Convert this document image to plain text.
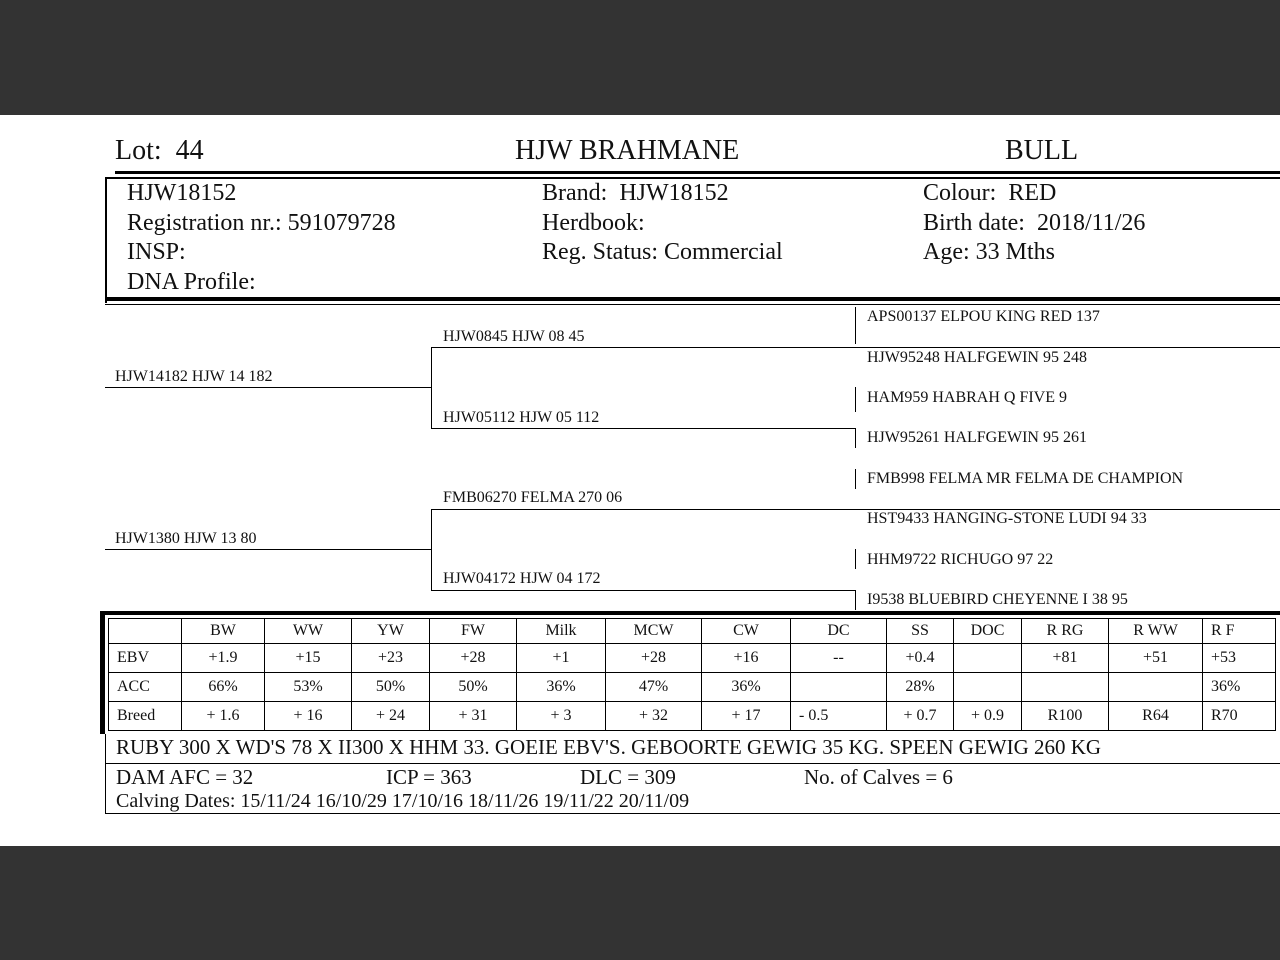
Lot: 44	HJW BRAHMANE	BULL
HJW18152
Registration nr.: 591079728
INSP:
DNA Profile:
Brand: HJW18152
Herdbook:
Reg. Status: Commercial
Colour: RED
Birth date: 2018/11/26
Age: 33 Mths
HJW14182 HJW 14 182
HJW1380 HJW 13 80
HJW0845 HJW 08 45
HJW05112 HJW 05 112
FMB06270 FELMA 270 06
HJW04172 HJW 04 172
APS00137 ELPOU KING RED 137
HJW95248 HALFGEWIN 95 248
HAM959 HABRAH Q FIVE 9
HJW95261 HALFGEWIN 95 261
FMB998 FELMA MR FELMA DE CHAMPION
HST9433 HANGING-STONE LUDI 94 33
HHM9722 RICHUGO 97 22
I9538 BLUEBIRD CHEYENNE I 38 95
	BW	WW	YW	FW	Milk	MCW	CW	DC	SS	DOC	R RG	R WW	R F
EBV	+1.9	+15	+23	+28	+1	+28	+16	--	+0.4		+81	+51	+53
ACC	66%	53%	50%	50%	36%	47%	36%		28%				36%
Breed	+ 1.6	+ 16	+ 24	+ 31	+ 3	+ 32	+ 17	- 0.5	+ 0.7	+ 0.9	R100	R64	R70
RUBY 300 X WD'S 78 X II300 X HHM 33. GOEIE EBV'S. GEBOORTE GEWIG 35 KG. SPEEN GEWIG 260 KG
DAM AFC = 32	ICP = 363	DLC = 309	No. of Calves = 6
Calving Dates: 15/11/24 16/10/29 17/10/16 18/11/26 19/11/22 20/11/09
